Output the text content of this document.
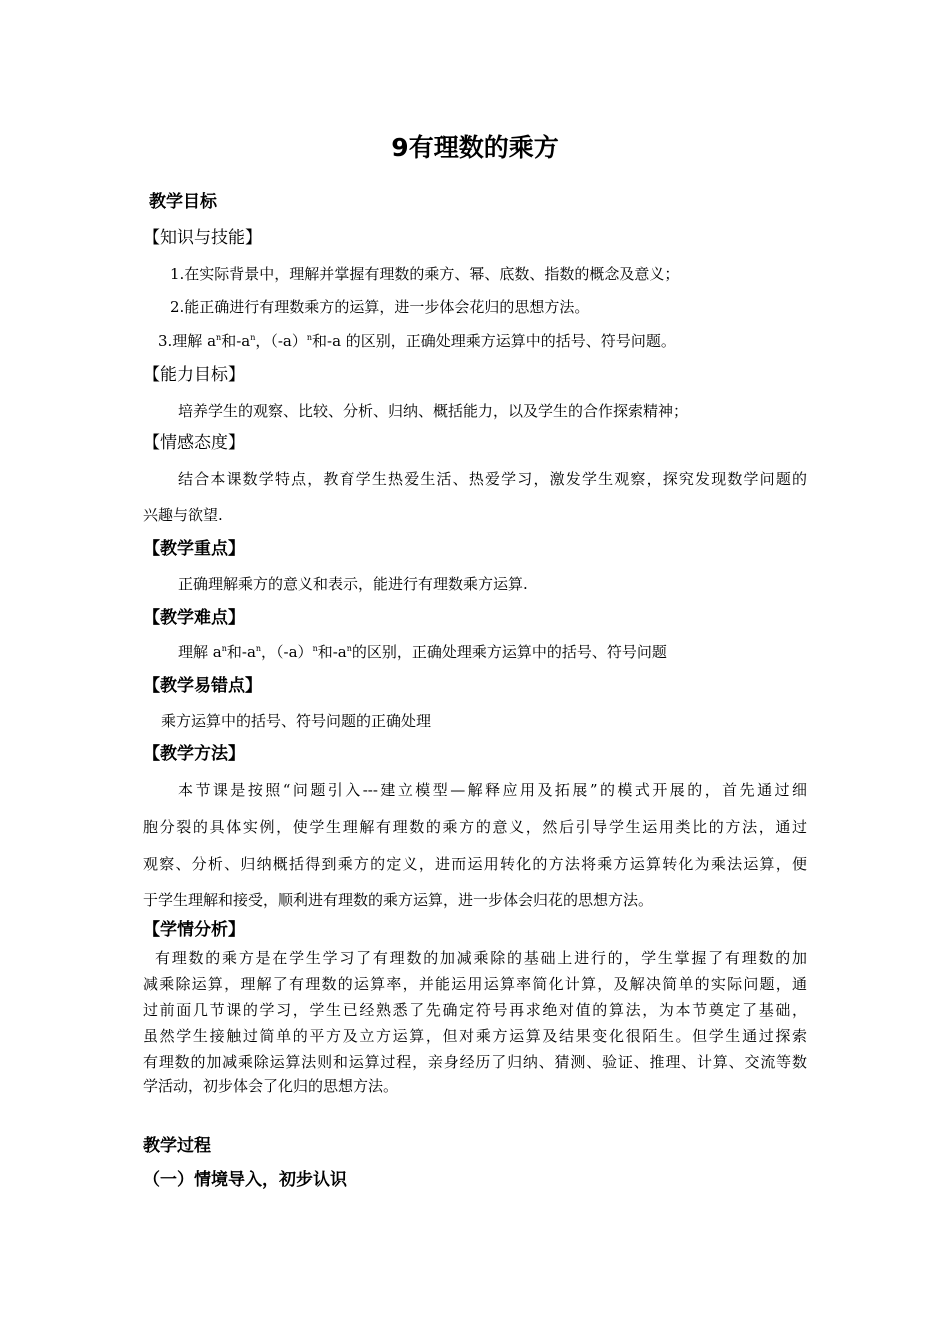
9有理数的乘方
教学目标
【知识与技能】
1.在实际背景中，理解并掌握有理数的乘方、幂、底数、指数的概念及意义；
2.能正确进行有理数乘方的运算，进一步体会花归的思想方法。
3.理解 $a^n$和$-a^n$，$(-a)^n$和-a 的区别，正确处理乘方运算中的括号、符号问题。
【能力目标】
培养学生的观察、比较、分析、归纳、概括能力，以及学生的合作探索精神；
【情感态度】
结合本课数学特点，教育学生热爱生活、热爱学习，激发学生观察，探究发现数学问题的
兴趣与欲望.
【教学重点】
正确理解乘方的意义和表示，能进行有理数乘方运算.
【教学难点】
理解 $a^n$和$-a^n$，$(-a)^n$和$-a^n$的区别，正确处理乘方运算中的括号、符号问题
【教学易错点】
乘方运算中的括号、符号问题的正确处理
【教学方法】
本节课是按照“问题引入---建立模型—解释应用及拓展”的模式开展的，首先通过细
胞分裂的具体实例，使学生理解有理数的乘方的意义，然后引导学生运用类比的方法，通过
观察、分析、归纳概括得到乘方的定义，进而运用转化的方法将乘方运算转化为乘法运算，便
于学生理解和接受，顺利进有理数的乘方运算，进一步体会归花的思想方法。
【学情分析】
有理数的乘方是在学生学习了有理数的加减乘除的基础上进行的，学生掌握了有理数的加
减乘除运算，理解了有理数的运算率，并能运用运算率简化计算，及解决简单的实际问题，通
过前面几节课的学习，学生已经熟悉了先确定符号再求绝对值的算法，为本节奠定了基础，
虽然学生接触过简单的平方及立方运算，但对乘方运算及结果变化很陌生。但学生通过探索
有理数的加减乘除运算法则和运算过程，亲身经历了归纳、猜测、验证、推理、计算、交流等数
学活动，初步体会了化归的思想方法。
教学过程
（一）情境导入，初步认识
